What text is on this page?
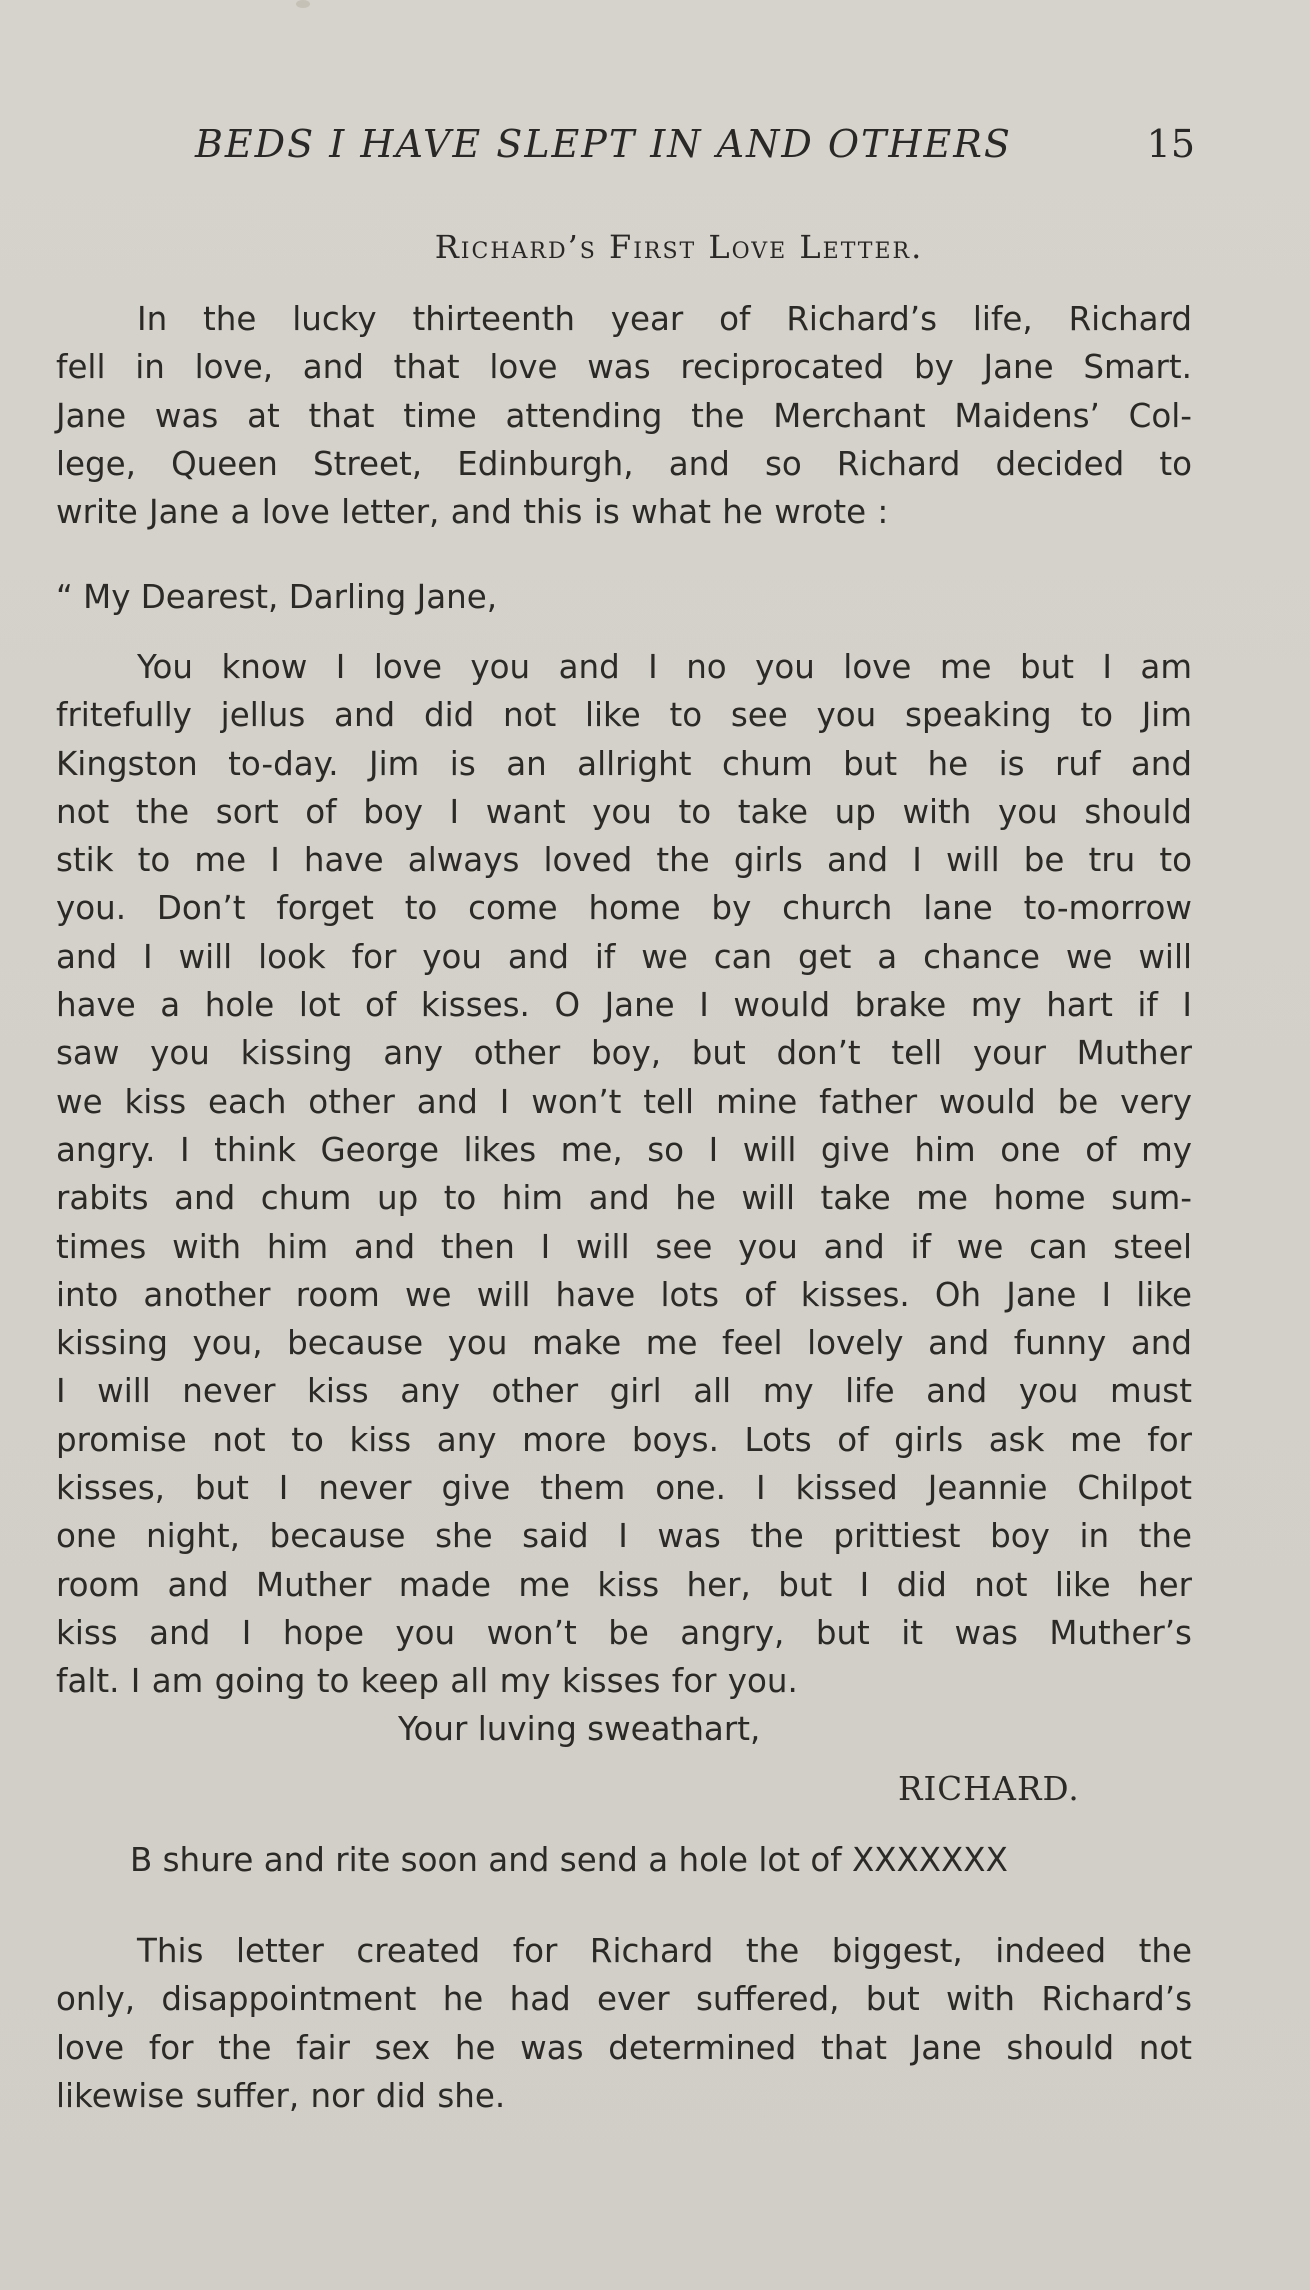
BEDS I HAVE SLEPT IN AND OTHERS	15
Richard’s First Love Letter.
In the lucky thirteenth year of Richard’s life, Richard
fell in love, and that love was reciprocated by Jane Smart.
Jane was at that time attending the Merchant Maidens’ Col-
lege, Queen Street, Edinburgh, and so Richard decided to
write Jane a love letter, and this is what he wrote :
“ My Dearest, Darling Jane,
You know I love you and I no you love me but I am
fritefully jellus and did not like to see you speaking to Jim
Kingston to-day. Jim is an allright chum but he is ruf and
not the sort of boy I want you to take up with you should
stik to me I have always loved the girls and I will be tru to
you. Don’t forget to come home by church lane to-morrow
and I will look for you and if we can get a chance we will
have a hole lot of kisses. O Jane I would brake my hart if I
saw you kissing any other boy, but don’t tell your Muther
we kiss each other and I won’t tell mine father would be very
angry. I think George likes me, so I will give him one of my
rabits and chum up to him and he will take me home sum-
times with him and then I will see you and if we can steel
into another room we will have lots of kisses. Oh Jane I like
kissing you, because you make me feel lovely and funny and
I will never kiss any other girl all my life and you must
promise not to kiss any more boys. Lots of girls ask me for
kisses, but I never give them one. I kissed Jeannie Chilpot
one night, because she said I was the prittiest boy in the
room and Muther made me kiss her, but I did not like her
kiss and I hope you won’t be angry, but it was Muther’s
falt. I am going to keep all my kisses for you.
Your luving sweathart,
RICHARD.
B shure and rite soon and send a hole lot of XXXXXXX
This letter created for Richard the biggest, indeed the
only, disappointment he had ever suffered, but with Richard’s
love for the fair sex he was determined that Jane should not
likewise suffer, nor did she.
